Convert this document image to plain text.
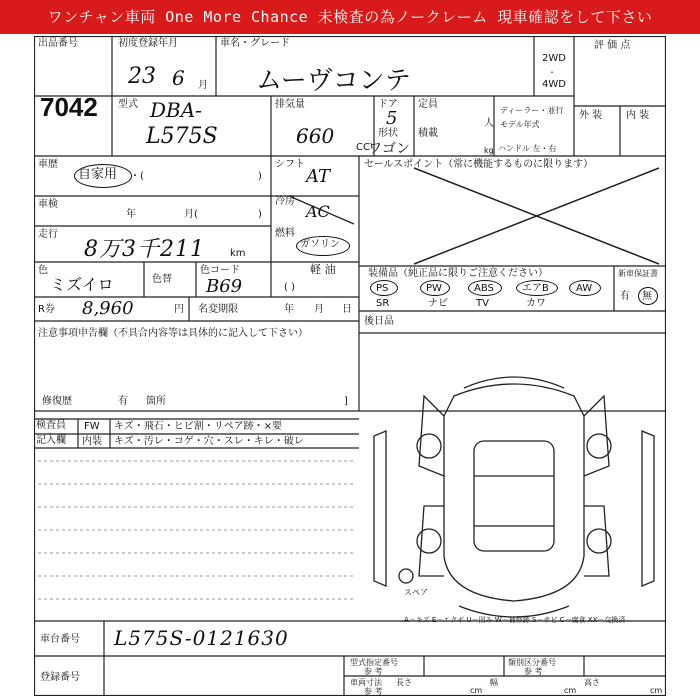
ワンチャン車両 One More Chance 未検査の為ノークレーム 現車確認をして下さい
出品番号
7042
初度登録年月
23 6 月
車名・グレード
ムーヴコンテ
2WD
・
4WD
評 価 点
外 装 内 装
型式 DBA-
L575S
排気量
660 CC
ドア
5
形状
ワゴン
定員
人
積載
kg
ディーラー・並行
モデル年式
ハンドル 左・右
車歴
自家用 ・(	)
シフト
AT
セールスポイント（常に機能するものに限ります）
車検
年	月(	)
冷房
AC
走行
8万3千211	km
燃料
ガソリン
軽 油
( )
色
ミズイロ	色替
色コード
B69
R券 8,960	円 名変期限	年 月 日
装備品（純正品に限りご注意ください）
PS	PW	ABS	エアB	AW
SR	ナビ	TV	カワ
新車保証書
有 無
後日品
注意事項申告欄（不具合内容等は具体的に記入して下さい）
修復歴	有 箇所	]
検査員
記入欄
FW キズ・飛石・ヒビ割・リペア跡・×要
内装 キズ・汚レ・コゲ・穴・スレ・キレ・破レ
スペア
A－キズ E－エクボ U－凹み W－補修跡 S－サビ C－腐食 XX－交換済
車台番号 L575S-0121630
登録番号
型式指定番号
参 考
類別区分番号
参 考
車両寸法
参 考
長さ
cm
幅
cm
高さ
cm
